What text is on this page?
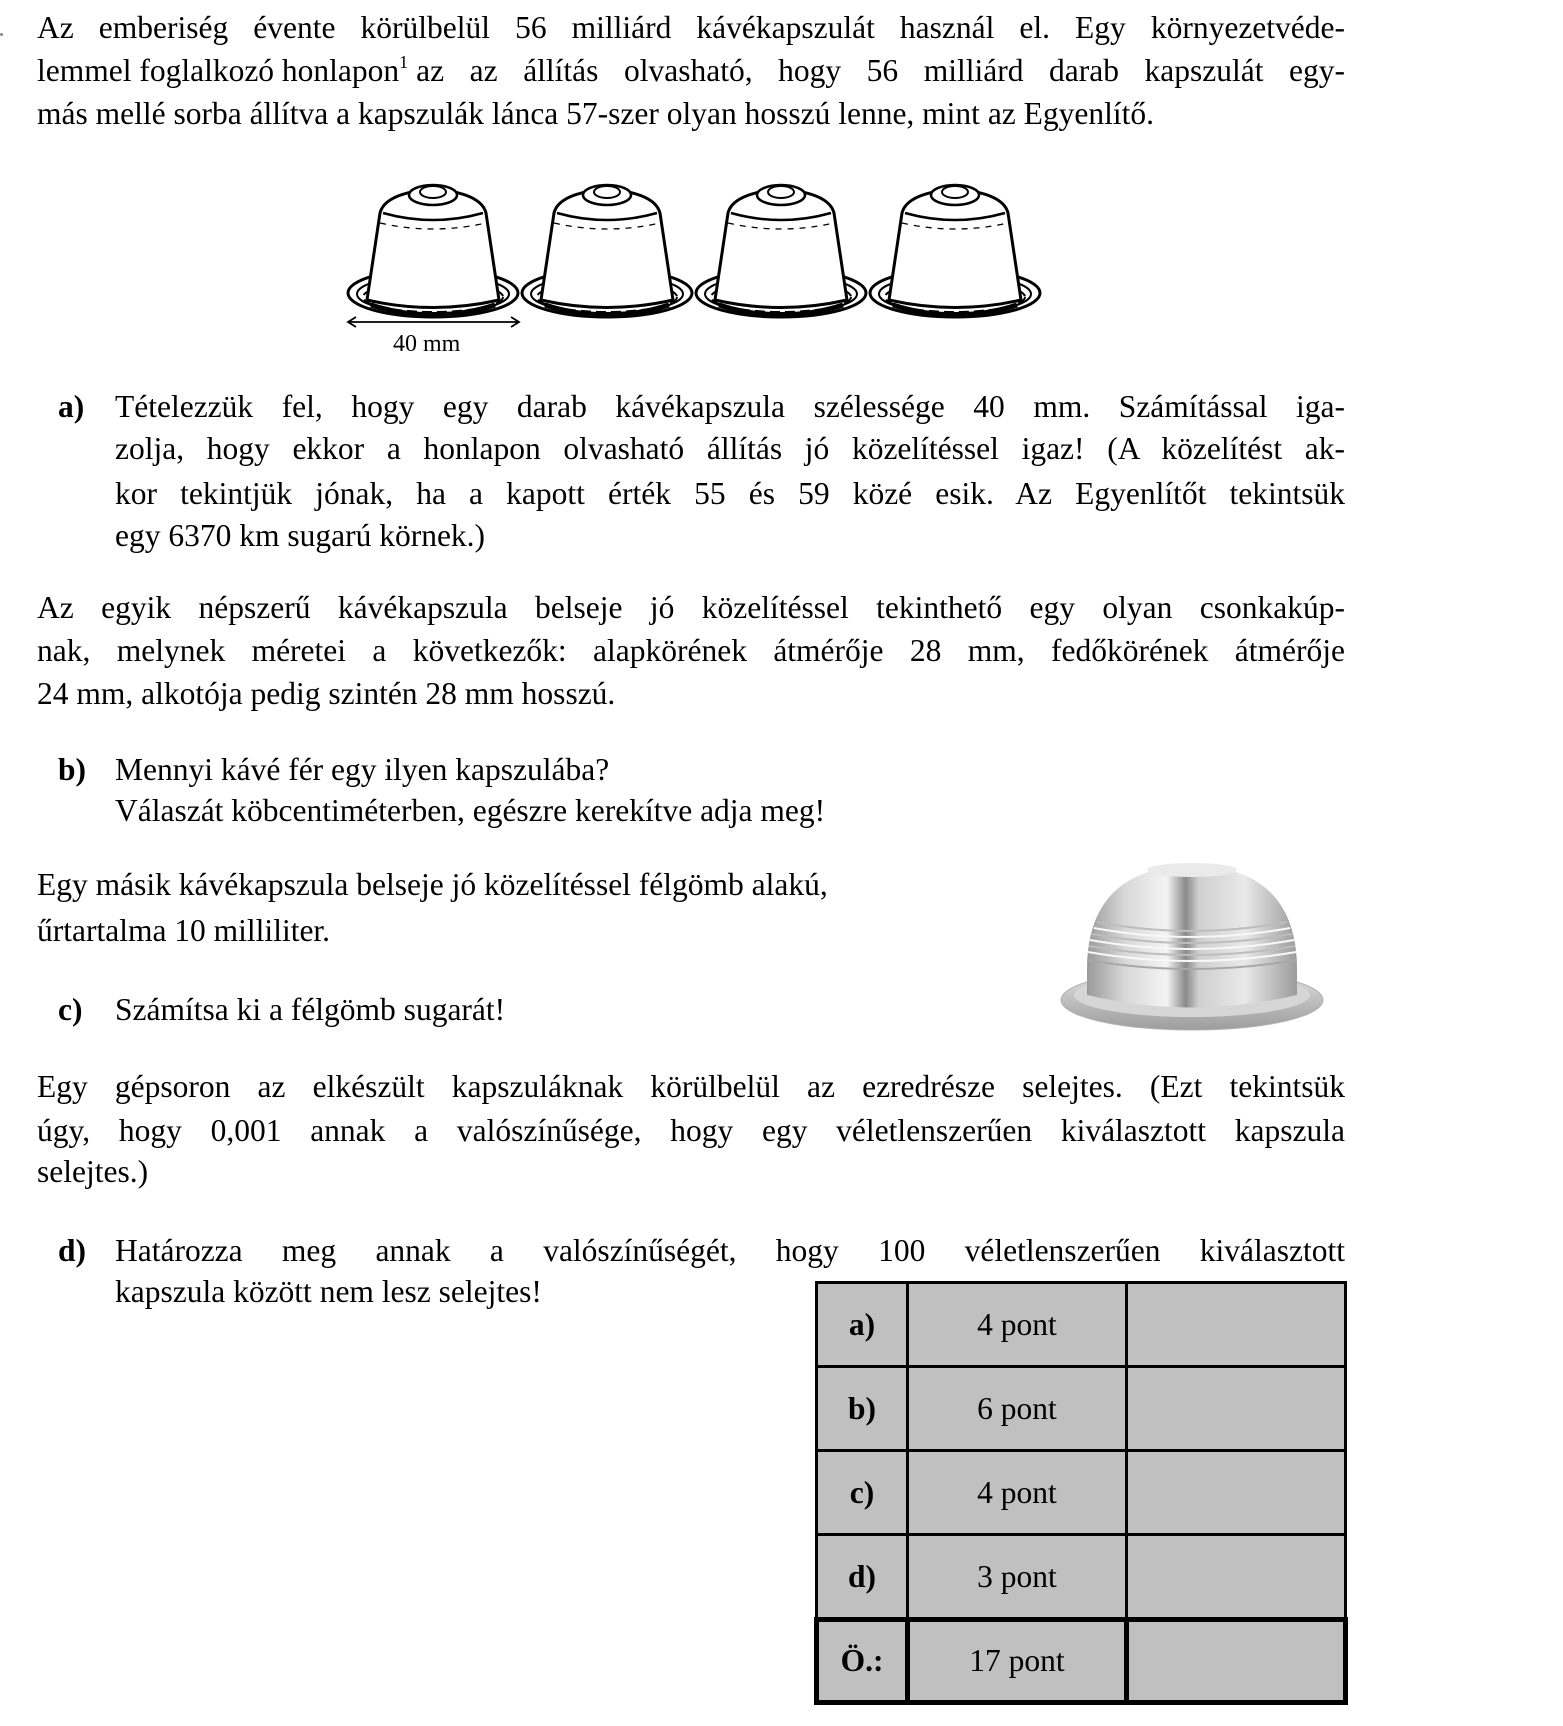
Az emberiség évente körülbelül 56 milliárd kávékapszulát használ el. Egy környezetvéde-
lemmel foglalkozó honlapon$^1$ az az állítás olvasható, hogy 56 milliárd darab kapszulát egy-
más mellé sorba állítva a kapszulák lánca 57-szer olyan hosszú lenne, mint az Egyenlítő.
40 mm
a) Tételezzük fel, hogy egy darab kávékapszula szélessége 40 mm. Számítással iga-
zolja, hogy ekkor a honlapon olvasható állítás jó közelítéssel igaz! (A közelítést ak-
kor tekintjük jónak, ha a kapott érték 55 és 59 közé esik. Az Egyenlítőt tekintsük
egy 6370 km sugarú körnek.)
Az egyik népszerű kávékapszula belseje jó közelítéssel tekinthető egy olyan csonkakúp-
nak, melynek méretei a következők: alapkörének átmérője 28 mm, fedőkörének átmérője
24 mm, alkotója pedig szintén 28 mm hosszú.
b) Mennyi kávé fér egy ilyen kapszulába?
Válaszát köbcentiméterben, egészre kerekítve adja meg!
Egy másik kávékapszula belseje jó közelítéssel félgömb alakú,
űrtartalma 10 milliliter.
c) Számítsa ki a félgömb sugarát!
Egy gépsoron az elkészült kapszuláknak körülbelül az ezredrésze selejtes. (Ezt tekintsük
úgy, hogy 0,001 annak a valószínűsége, hogy egy véletlenszerűen kiválasztott kapszula
selejtes.)
d) Határozza meg annak a valószínűségét, hogy 100 véletlenszerűen kiválasztott
kapszula között nem lesz selejtes!
a)	4 pont	
b)	6 pont	
c)	4 pont	
d)	3 pont	
Ö.:	17 pont	
